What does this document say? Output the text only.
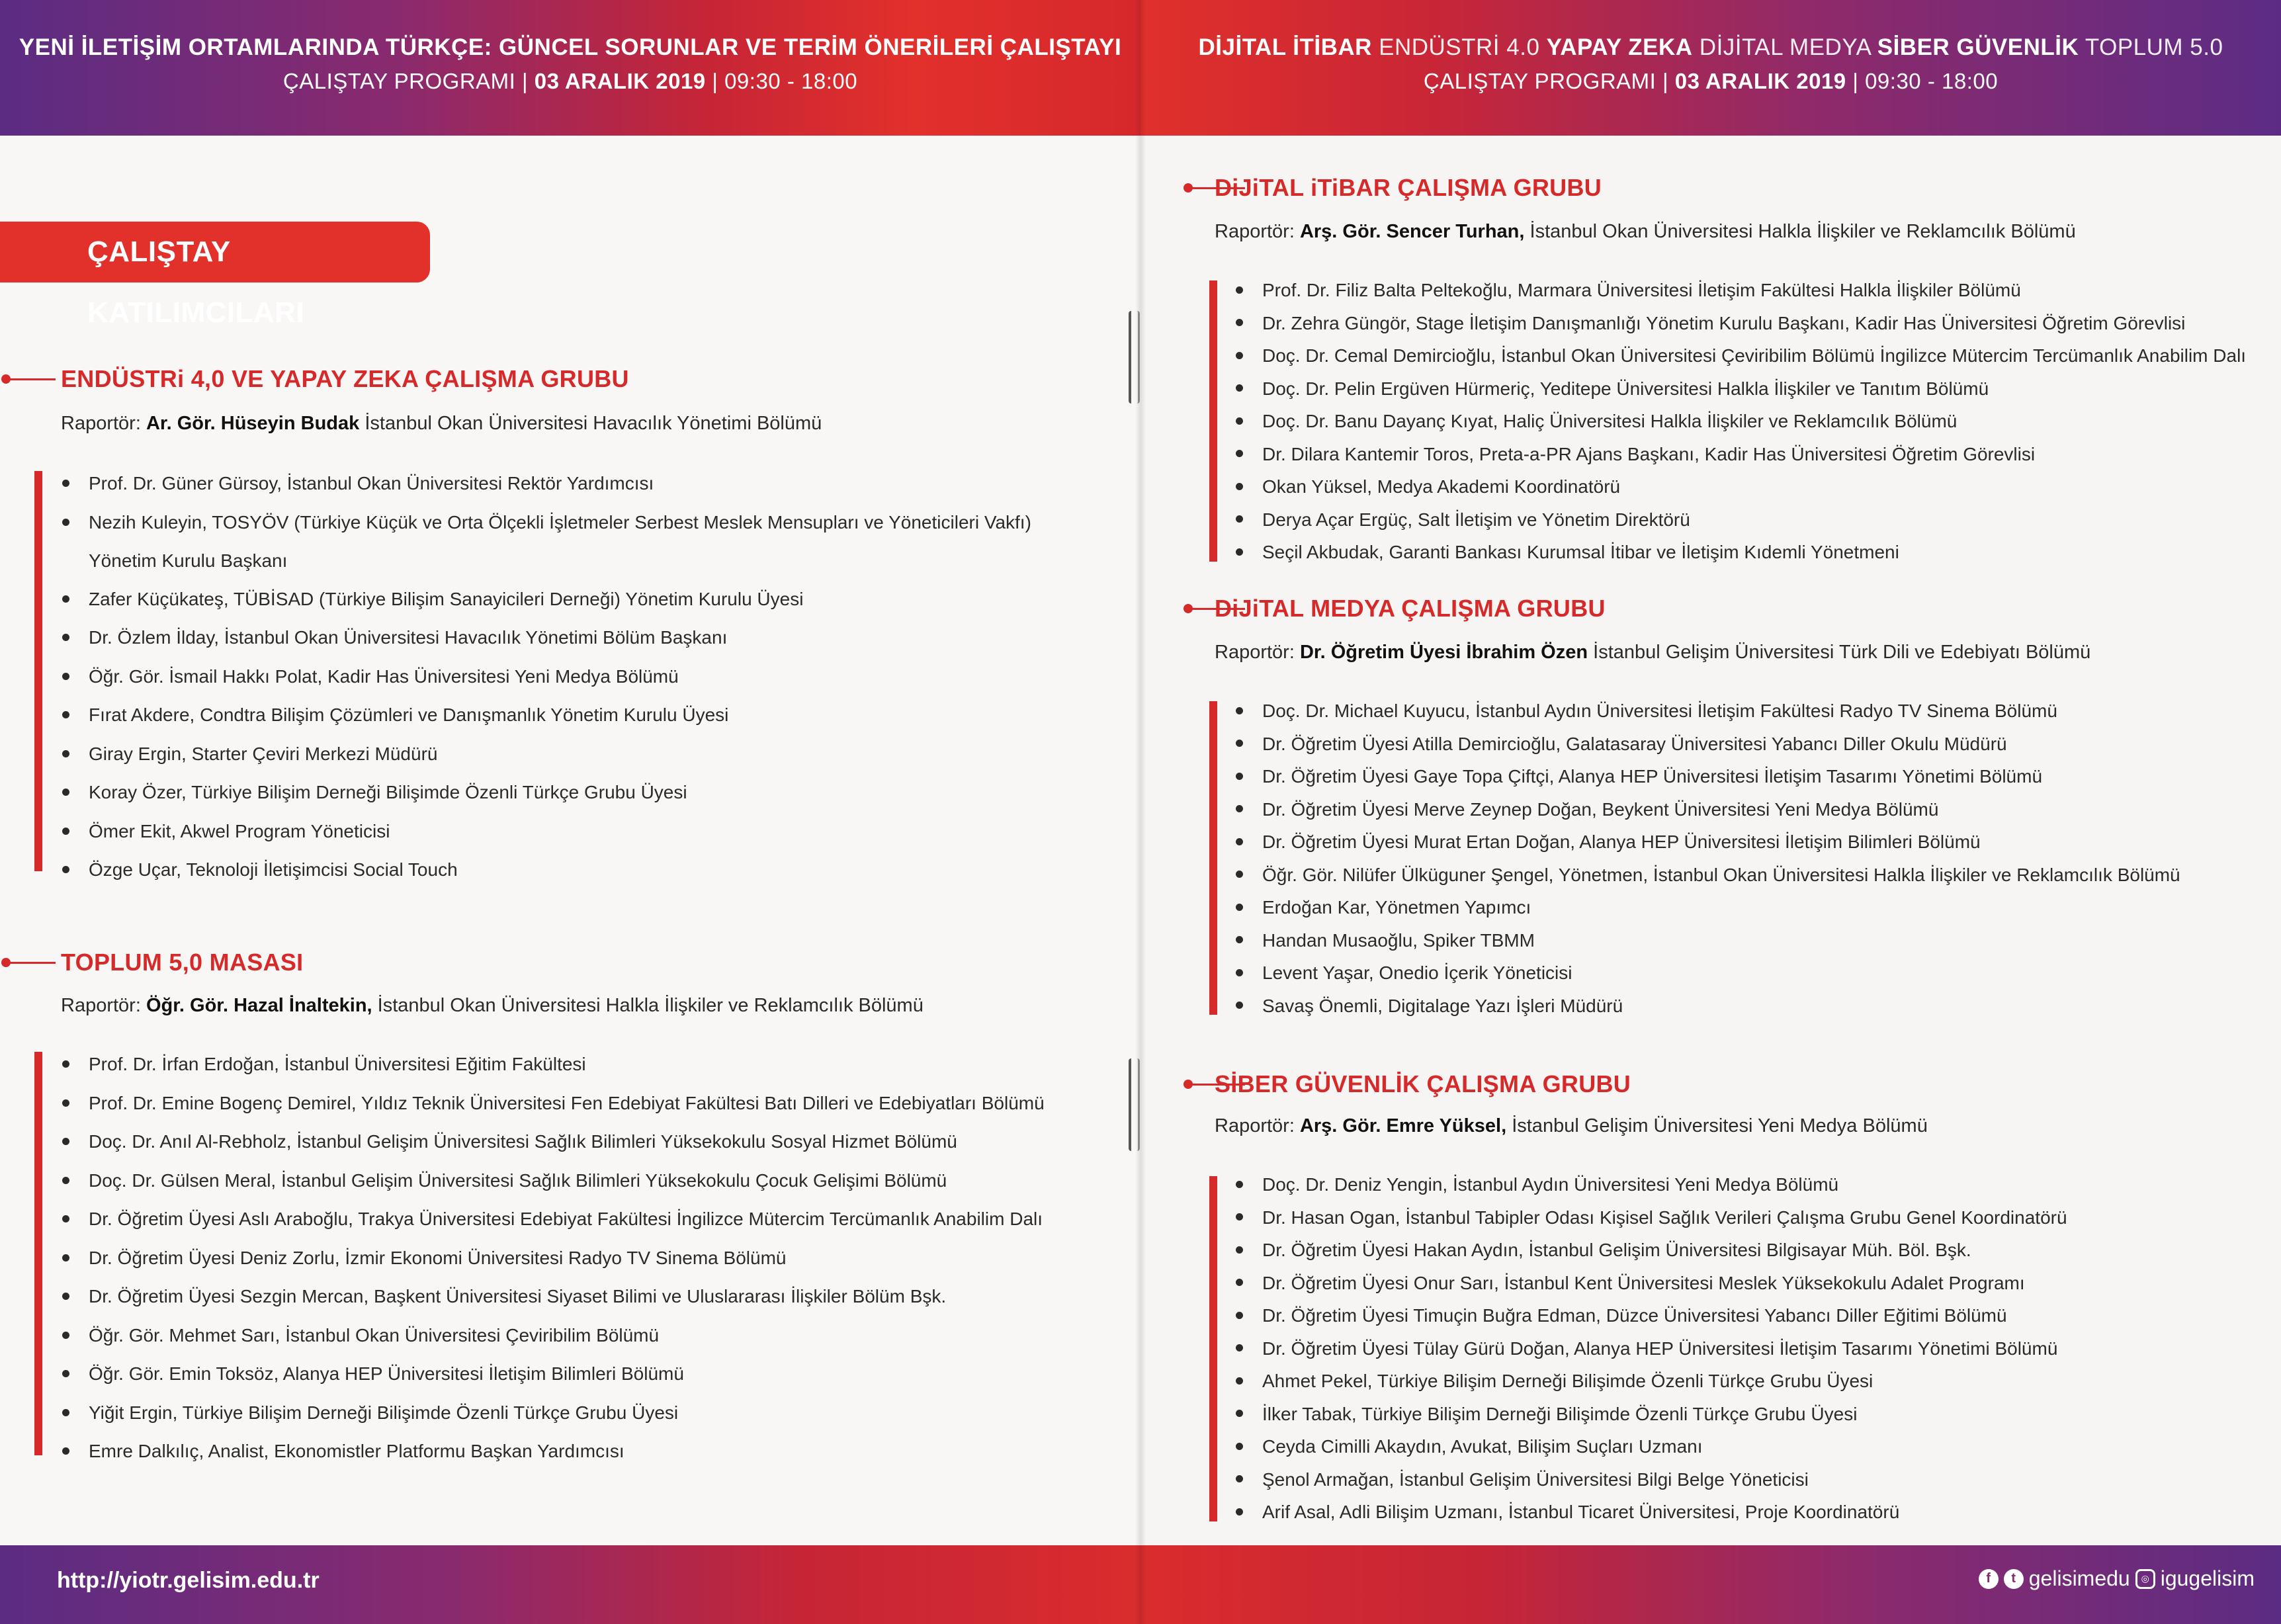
YENİ İLETİŞİM ORTAMLARINDA TÜRKÇE: GÜNCEL SORUNLAR VE TERİM ÖNERİLERİ ÇALIŞTAYI
ÇALIŞTAY PROGRAMI | 03 ARALIK 2019 | 09:30 - 18:00
ÇALIŞTAY KATILIMCILARI
ENDÜSTRi 4,0 VE YAPAY ZEKA ÇALIŞMA GRUBU
Raportör: Ar. Gör. Hüseyin Budak İstanbul Okan Üniversitesi Havacılık Yönetimi Bölümü
Prof. Dr. Güner Gürsoy, İstanbul Okan Üniversitesi Rektör Yardımcısı
Nezih Kuleyin, TOSYÖV (Türkiye Küçük ve Orta Ölçekli İşletmeler Serbest Meslek Mensupları ve Yöneticileri Vakfı) Yönetim Kurulu Başkanı
Zafer Küçükateş, TÜBİSAD (Türkiye Bilişim Sanayicileri Derneği) Yönetim Kurulu Üyesi
Dr. Özlem İlday, İstanbul Okan Üniversitesi Havacılık Yönetimi Bölüm Başkanı
Öğr. Gör. İsmail Hakkı Polat, Kadir Has Üniversitesi Yeni Medya Bölümü
Fırat Akdere, Condtra Bilişim Çözümleri ve Danışmanlık Yönetim Kurulu Üyesi
Giray Ergin, Starter Çeviri Merkezi Müdürü
Koray Özer, Türkiye Bilişim Derneği Bilişimde Özenli Türkçe Grubu Üyesi
Ömer Ekit, Akwel Program Yöneticisi
Özge Uçar, Teknoloji İletişimcisi Social Touch
TOPLUM 5,0 MASASI
Raportör: Öğr. Gör. Hazal İnaltekin, İstanbul Okan Üniversitesi Halkla İlişkiler ve Reklamcılık Bölümü
Prof. Dr. İrfan Erdoğan, İstanbul Üniversitesi Eğitim Fakültesi
Prof. Dr. Emine Bogenç Demirel, Yıldız Teknik Üniversitesi Fen Edebiyat Fakültesi Batı Dilleri ve Edebiyatları Bölümü
Doç. Dr. Anıl Al-Rebholz, İstanbul Gelişim Üniversitesi Sağlık Bilimleri Yüksekokulu Sosyal Hizmet Bölümü
Doç. Dr. Gülsen Meral, İstanbul Gelişim Üniversitesi Sağlık Bilimleri Yüksekokulu Çocuk Gelişimi Bölümü
Dr. Öğretim Üyesi Aslı Araboğlu, Trakya Üniversitesi Edebiyat Fakültesi İngilizce Mütercim Tercümanlık Anabilim Dalı
Dr. Öğretim Üyesi Deniz Zorlu, İzmir Ekonomi Üniversitesi Radyo TV Sinema Bölümü
Dr. Öğretim Üyesi Sezgin Mercan, Başkent Üniversitesi Siyaset Bilimi ve Uluslararası İlişkiler Bölüm Bşk.
Öğr. Gör. Mehmet Sarı, İstanbul Okan Üniversitesi Çeviribilim Bölümü
Öğr. Gör. Emin Toksöz, Alanya HEP Üniversitesi İletişim Bilimleri Bölümü
Yiğit Ergin, Türkiye Bilişim Derneği Bilişimde Özenli Türkçe Grubu Üyesi
Emre Dalkılıç, Analist, Ekonomistler Platformu Başkan Yardımcısı
http://yiotr.gelisim.edu.tr
DİJİTAL İTİBAR ENDÜSTRİ 4.0 YAPAY ZEKA DİJİTAL MEDYA SİBER GÜVENLİK TOPLUM 5.0
ÇALIŞTAY PROGRAMI | 03 ARALIK 2019 | 09:30 - 18:00
DiJiTAL iTiBAR ÇALIŞMA GRUBU
Raportör: Arş. Gör. Sencer Turhan, İstanbul Okan Üniversitesi Halkla İlişkiler ve Reklamcılık Bölümü
Prof. Dr. Filiz Balta Peltekoğlu, Marmara Üniversitesi İletişim Fakültesi Halkla İlişkiler Bölümü
Dr. Zehra Güngör, Stage İletişim Danışmanlığı Yönetim Kurulu Başkanı, Kadir Has Üniversitesi Öğretim Görevlisi
Doç. Dr. Cemal Demircioğlu, İstanbul Okan Üniversitesi Çeviribilim Bölümü İngilizce Mütercim Tercümanlık Anabilim Dalı
Doç. Dr. Pelin Ergüven Hürmeriç, Yeditepe Üniversitesi Halkla İlişkiler ve Tanıtım Bölümü
Doç. Dr. Banu Dayanç Kıyat, Haliç Üniversitesi Halkla İlişkiler ve Reklamcılık Bölümü
Dr. Dilara Kantemir Toros, Preta-a-PR Ajans Başkanı, Kadir Has Üniversitesi Öğretim Görevlisi
Okan Yüksel, Medya Akademi Koordinatörü
Derya Açar Ergüç, Salt İletişim ve Yönetim Direktörü
Seçil Akbudak, Garanti Bankası Kurumsal İtibar ve İletişim Kıdemli Yönetmeni
DiJiTAL MEDYA ÇALIŞMA GRUBU
Raportör: Dr. Öğretim Üyesi İbrahim Özen İstanbul Gelişim Üniversitesi Türk Dili ve Edebiyatı Bölümü
Doç. Dr. Michael Kuyucu, İstanbul Aydın Üniversitesi İletişim Fakültesi Radyo TV Sinema Bölümü
Dr. Öğretim Üyesi Atilla Demircioğlu, Galatasaray Üniversitesi Yabancı Diller Okulu Müdürü
Dr. Öğretim Üyesi Gaye Topa Çiftçi, Alanya HEP Üniversitesi İletişim Tasarımı Yönetimi Bölümü
Dr. Öğretim Üyesi Merve Zeynep Doğan, Beykent Üniversitesi Yeni Medya Bölümü
Dr. Öğretim Üyesi Murat Ertan Doğan, Alanya HEP Üniversitesi İletişim Bilimleri Bölümü
Öğr. Gör. Nilüfer Ülküguner Şengel, Yönetmen, İstanbul Okan Üniversitesi Halkla İlişkiler ve Reklamcılık Bölümü
Erdoğan Kar, Yönetmen Yapımcı
Handan Musaoğlu, Spiker TBMM
Levent Yaşar, Onedio İçerik Yöneticisi
Savaş Önemli, Digitalage Yazı İşleri Müdürü
SİBER GÜVENLİK ÇALIŞMA GRUBU
Raportör: Arş. Gör. Emre Yüksel, İstanbul Gelişim Üniversitesi Yeni Medya Bölümü
Doç. Dr. Deniz Yengin, İstanbul Aydın Üniversitesi Yeni Medya Bölümü
Dr. Hasan Ogan, İstanbul Tabipler Odası Kişisel Sağlık Verileri Çalışma Grubu Genel Koordinatörü
Dr. Öğretim Üyesi Hakan Aydın, İstanbul Gelişim Üniversitesi Bilgisayar Müh. Böl. Bşk.
Dr. Öğretim Üyesi Onur Sarı, İstanbul Kent Üniversitesi Meslek Yüksekokulu Adalet Programı
Dr. Öğretim Üyesi Timuçin Buğra Edman, Düzce Üniversitesi Yabancı Diller Eğitimi Bölümü
Dr. Öğretim Üyesi Tülay Gürü Doğan, Alanya HEP Üniversitesi İletişim Tasarımı Yönetimi Bölümü
Ahmet Pekel, Türkiye Bilişim Derneği Bilişimde Özenli Türkçe Grubu Üyesi
İlker Tabak, Türkiye Bilişim Derneği Bilişimde Özenli Türkçe Grubu Üyesi
Ceyda Cimilli Akaydın, Avukat, Bilişim Suçları Uzmanı
Şenol Armağan, İstanbul Gelişim Üniversitesi Bilgi Belge Yöneticisi
Arif Asal, Adli Bilişim Uzmanı, İstanbul Ticaret Üniversitesi, Proje Koordinatörü
f	t gelisimedu	◎ igugelisim
